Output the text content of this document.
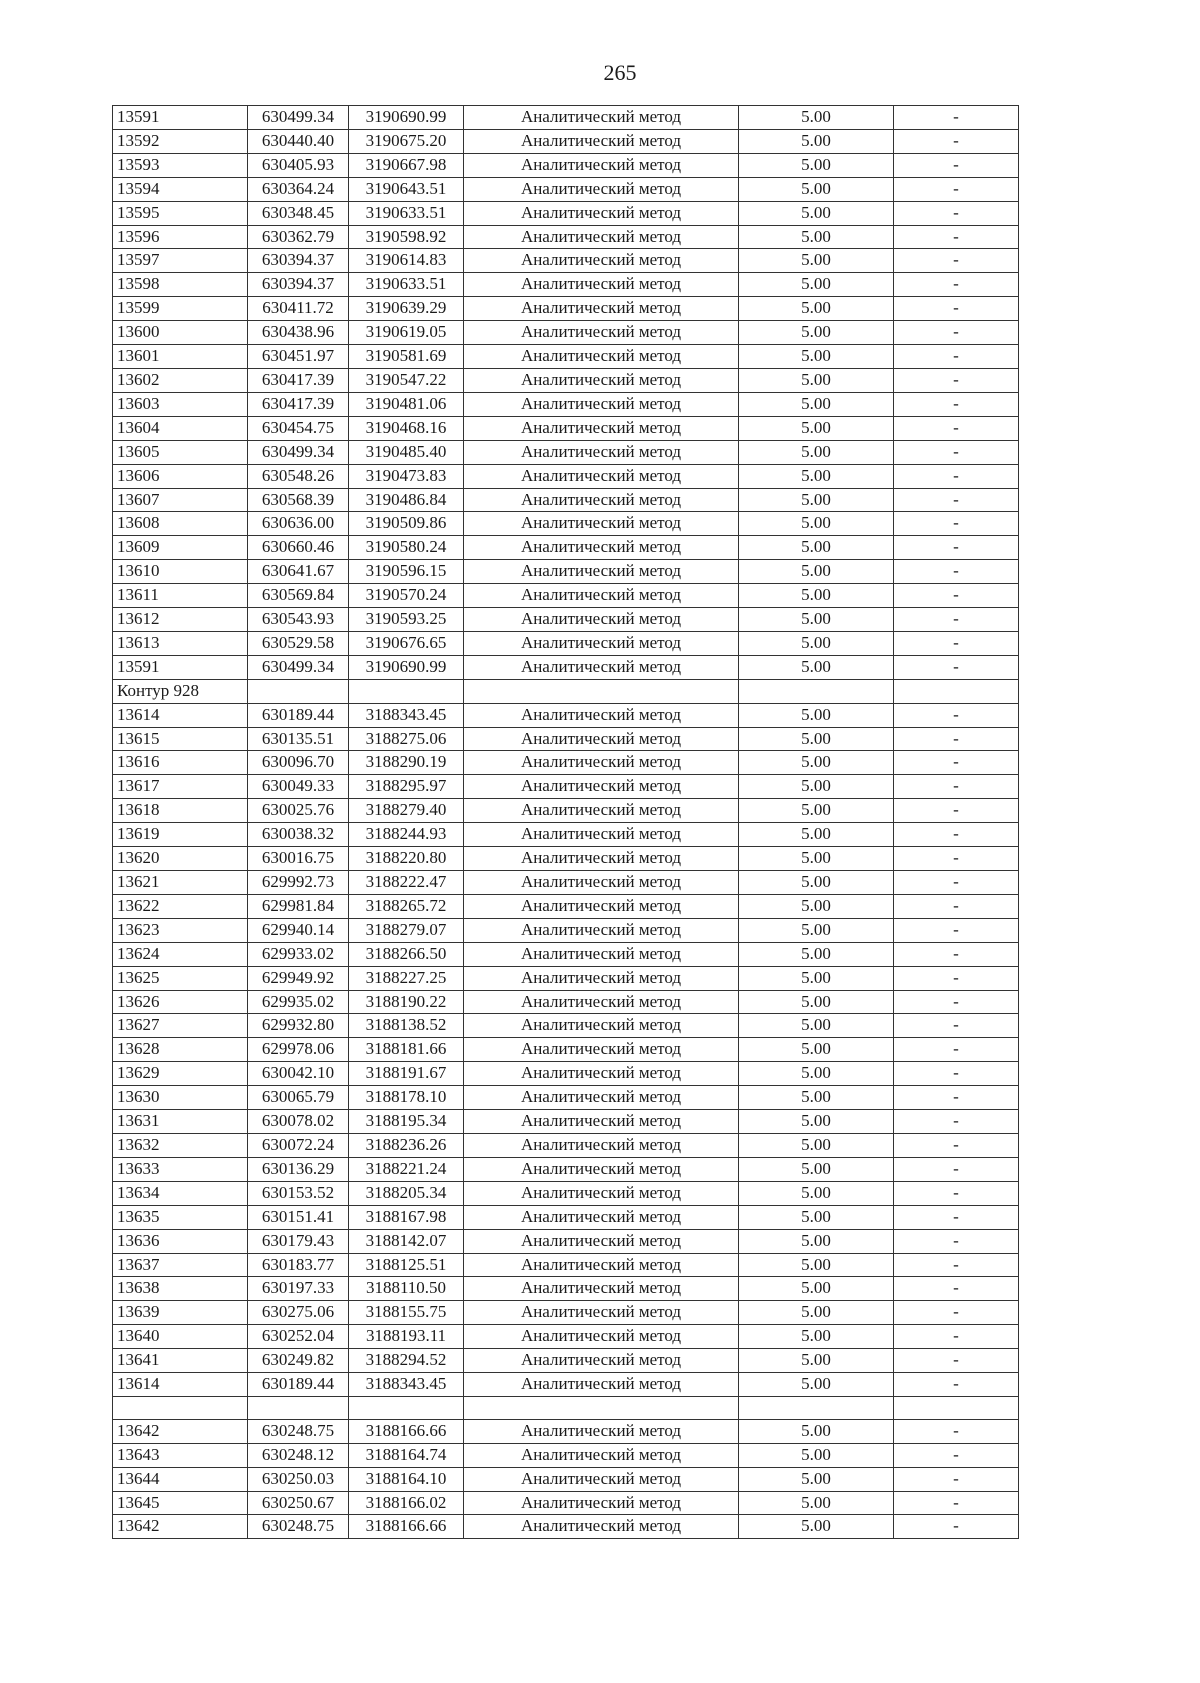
265
13591	630499.34	3190690.99	Аналитический метод	5.00	-
13592	630440.40	3190675.20	Аналитический метод	5.00	-
13593	630405.93	3190667.98	Аналитический метод	5.00	-
13594	630364.24	3190643.51	Аналитический метод	5.00	-
13595	630348.45	3190633.51	Аналитический метод	5.00	-
13596	630362.79	3190598.92	Аналитический метод	5.00	-
13597	630394.37	3190614.83	Аналитический метод	5.00	-
13598	630394.37	3190633.51	Аналитический метод	5.00	-
13599	630411.72	3190639.29	Аналитический метод	5.00	-
13600	630438.96	3190619.05	Аналитический метод	5.00	-
13601	630451.97	3190581.69	Аналитический метод	5.00	-
13602	630417.39	3190547.22	Аналитический метод	5.00	-
13603	630417.39	3190481.06	Аналитический метод	5.00	-
13604	630454.75	3190468.16	Аналитический метод	5.00	-
13605	630499.34	3190485.40	Аналитический метод	5.00	-
13606	630548.26	3190473.83	Аналитический метод	5.00	-
13607	630568.39	3190486.84	Аналитический метод	5.00	-
13608	630636.00	3190509.86	Аналитический метод	5.00	-
13609	630660.46	3190580.24	Аналитический метод	5.00	-
13610	630641.67	3190596.15	Аналитический метод	5.00	-
13611	630569.84	3190570.24	Аналитический метод	5.00	-
13612	630543.93	3190593.25	Аналитический метод	5.00	-
13613	630529.58	3190676.65	Аналитический метод	5.00	-
13591	630499.34	3190690.99	Аналитический метод	5.00	-
Контур 928					
13614	630189.44	3188343.45	Аналитический метод	5.00	-
13615	630135.51	3188275.06	Аналитический метод	5.00	-
13616	630096.70	3188290.19	Аналитический метод	5.00	-
13617	630049.33	3188295.97	Аналитический метод	5.00	-
13618	630025.76	3188279.40	Аналитический метод	5.00	-
13619	630038.32	3188244.93	Аналитический метод	5.00	-
13620	630016.75	3188220.80	Аналитический метод	5.00	-
13621	629992.73	3188222.47	Аналитический метод	5.00	-
13622	629981.84	3188265.72	Аналитический метод	5.00	-
13623	629940.14	3188279.07	Аналитический метод	5.00	-
13624	629933.02	3188266.50	Аналитический метод	5.00	-
13625	629949.92	3188227.25	Аналитический метод	5.00	-
13626	629935.02	3188190.22	Аналитический метод	5.00	-
13627	629932.80	3188138.52	Аналитический метод	5.00	-
13628	629978.06	3188181.66	Аналитический метод	5.00	-
13629	630042.10	3188191.67	Аналитический метод	5.00	-
13630	630065.79	3188178.10	Аналитический метод	5.00	-
13631	630078.02	3188195.34	Аналитический метод	5.00	-
13632	630072.24	3188236.26	Аналитический метод	5.00	-
13633	630136.29	3188221.24	Аналитический метод	5.00	-
13634	630153.52	3188205.34	Аналитический метод	5.00	-
13635	630151.41	3188167.98	Аналитический метод	5.00	-
13636	630179.43	3188142.07	Аналитический метод	5.00	-
13637	630183.77	3188125.51	Аналитический метод	5.00	-
13638	630197.33	3188110.50	Аналитический метод	5.00	-
13639	630275.06	3188155.75	Аналитический метод	5.00	-
13640	630252.04	3188193.11	Аналитический метод	5.00	-
13641	630249.82	3188294.52	Аналитический метод	5.00	-
13614	630189.44	3188343.45	Аналитический метод	5.00	-

13642	630248.75	3188166.66	Аналитический метод	5.00	-
13643	630248.12	3188164.74	Аналитический метод	5.00	-
13644	630250.03	3188164.10	Аналитический метод	5.00	-
13645	630250.67	3188166.02	Аналитический метод	5.00	-
13642	630248.75	3188166.66	Аналитический метод	5.00	-
